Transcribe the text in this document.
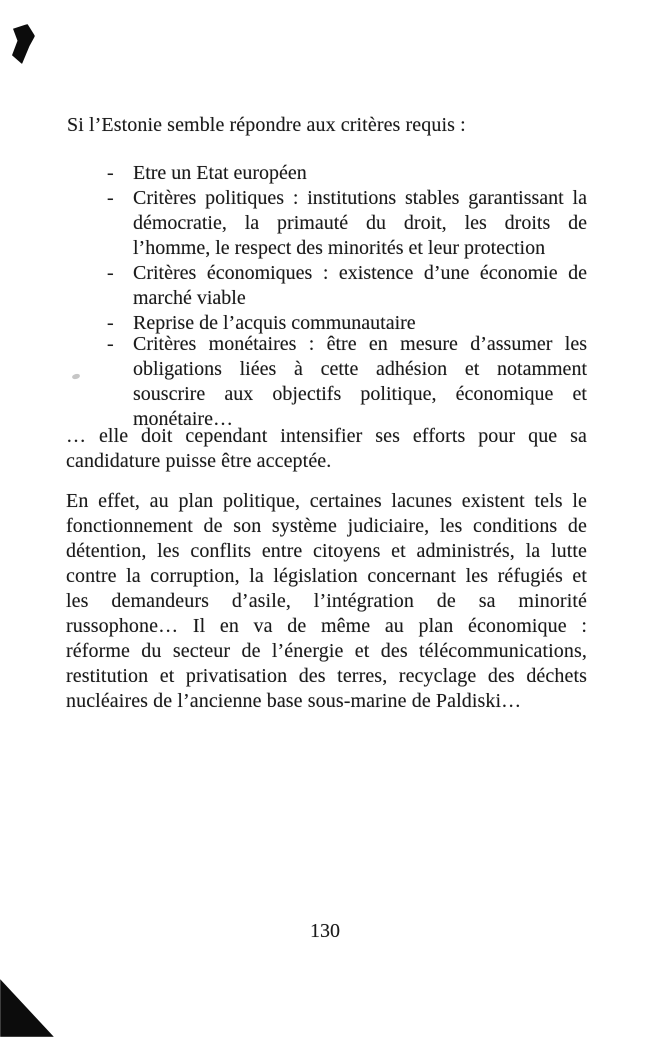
Si l’Estonie semble répondre aux critères requis :
- Etre un Etat européen
- Critères politiques : institutions stables garantissant la
démocratie, la primauté du droit, les droits de
l’homme, le respect des minorités et leur protection
- Critères économiques : existence d’une économie de
marché viable
- Reprise de l’acquis communautaire
- Critères monétaires : être en mesure d’assumer les
obligations liées à cette adhésion et notamment
souscrire aux objectifs politique, économique et
monétaire…
… elle doit cependant intensifier ses efforts pour que sa
candidature puisse être acceptée.
En effet, au plan politique, certaines lacunes existent tels le
fonctionnement de son système judiciaire, les conditions de
détention, les conflits entre citoyens et administrés, la lutte
contre la corruption, la législation concernant les réfugiés et
les demandeurs d’asile, l’intégration de sa minorité
russophone… Il en va de même au plan économique :
réforme du secteur de l’énergie et des télécommunications,
restitution et privatisation des terres, recyclage des déchets
nucléaires de l’ancienne base sous-marine de Paldiski…
130
